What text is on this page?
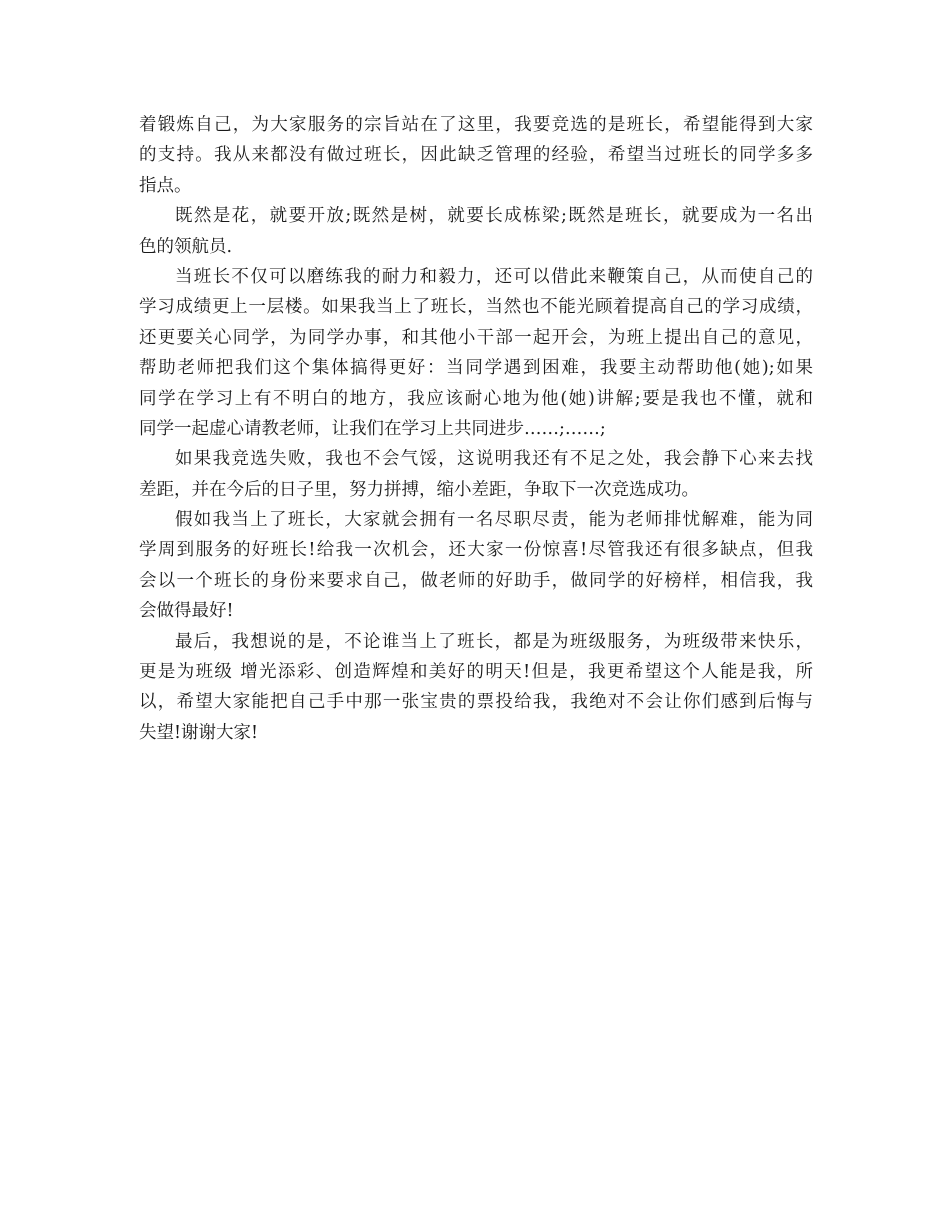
着锻炼自己，为大家服务的宗旨站在了这里，我要竞选的是班长，希望能得到大家
的支持。我从来都没有做过班长，因此缺乏管理的经验，希望当过班长的同学多多
指点。
既然是花，就要开放;既然是树，就要长成栋梁;既然是班长，就要成为一名出
色的领航员.
当班长不仅可以磨练我的耐力和毅力，还可以借此来鞭策自己，从而使自己的
学习成绩更上一层楼。如果我当上了班长，当然也不能光顾着提高自己的学习成绩，
还更要关心同学，为同学办事，和其他小干部一起开会，为班上提出自己的意见，
帮助老师把我们这个集体搞得更好：当同学遇到困难，我要主动帮助他(她);如果
同学在学习上有不明白的地方，我应该耐心地为他(她)讲解;要是我也不懂，就和
同学一起虚心请教老师，让我们在学习上共同进步……;……;
如果我竞选失败，我也不会气馁，这说明我还有不足之处，我会静下心来去找
差距，并在今后的日子里，努力拼搏，缩小差距，争取下一次竞选成功。
假如我当上了班长，大家就会拥有一名尽职尽责，能为老师排忧解难，能为同
学周到服务的好班长!给我一次机会，还大家一份惊喜!尽管我还有很多缺点，但我
会以一个班长的身份来要求自己，做老师的好助手，做同学的好榜样，相信我，我
会做得最好!
最后，我想说的是，不论谁当上了班长，都是为班级服务，为班级带来快乐，
更是为班级 增光添彩、创造辉煌和美好的明天!但是，我更希望这个人能是我，所
以，希望大家能把自己手中那一张宝贵的票投给我，我绝对不会让你们感到后悔与
失望!谢谢大家!
